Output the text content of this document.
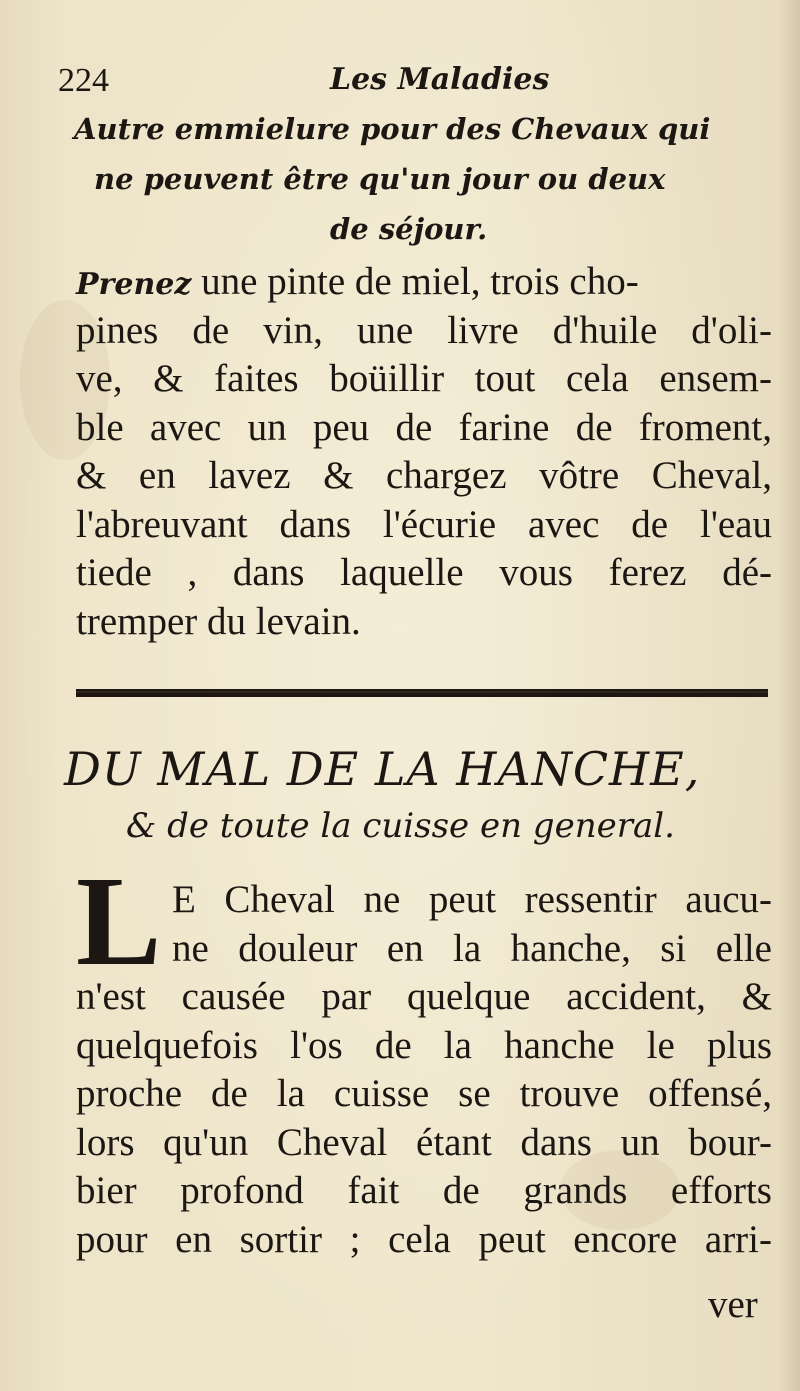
224	Les Maladies
Autre emmielure pour des Chevaux qui
ne peuvent être qu'un jour ou deux
de séjour.
Prenez une pinte de miel, trois cho-
pines de vin, une livre d'huile d'oli-
ve, & faites boüillir tout cela ensem-
ble avec un peu de farine de froment,
& en lavez & chargez vôtre Cheval,
l'abreuvant dans l'écurie avec de l'eau
tiede , dans laquelle vous ferez dé-
tremper du levain.
DU MAL DE LA HANCHE,
& de toute la cuisse en general.
L E Cheval ne peut ressentir aucu-
ne douleur en la hanche, si elle
n'est causée par quelque accident, &
quelquefois l'os de la hanche le plus
proche de la cuisse se trouve offensé,
lors qu'un Cheval étant dans un bour-
bier profond fait de grands efforts
pour en sortir ; cela peut encore arri-
ver
